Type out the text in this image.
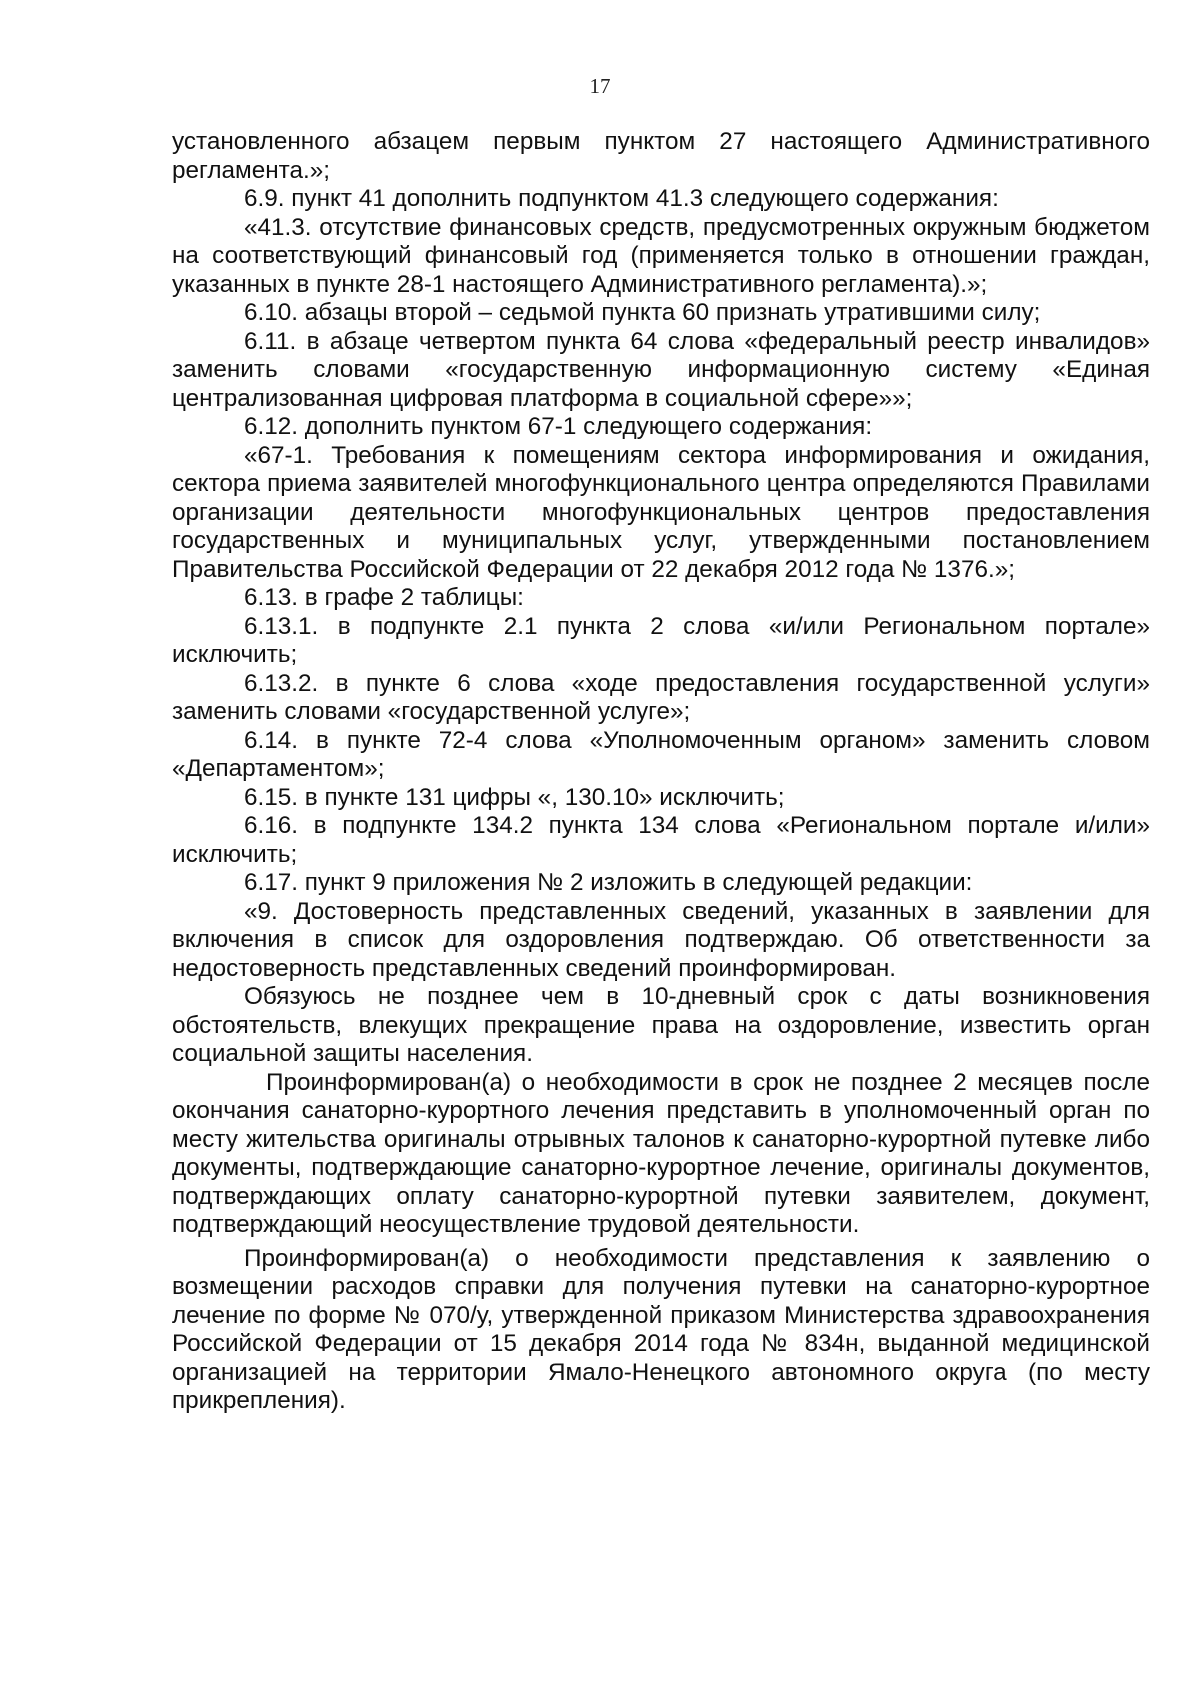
17

установленного абзацем первым пунктом 27 настоящего Административного регламента.»;

6.9. пункт 41 дополнить подпунктом 41.3 следующего содержания:

«41.3. отсутствие финансовых средств, предусмотренных окружным бюджетом на соответствующий финансовый год (применяется только в отношении граждан, указанных в пункте 28-1 настоящего Административного регламента).»;

6.10. абзацы второй – седьмой пункта 60 признать утратившими силу;

6.11. в абзаце четвертом пункта 64 слова «федеральный реестр инвалидов» заменить словами «государственную информационную систему «Единая централизованная цифровая платформа в социальной сфере»»;

6.12. дополнить пунктом 67-1 следующего содержания:

«67-1. Требования к помещениям сектора информирования и ожидания, сектора приема заявителей многофункционального центра определяются Правилами организации деятельности многофункциональных центров предоставления государственных и муниципальных услуг, утвержденными постановлением Правительства Российской Федерации от 22 декабря 2012 года № 1376.»;

6.13. в графе 2 таблицы:

6.13.1. в подпункте 2.1 пункта 2 слова «и/или Региональном портале» исключить;

6.13.2. в пункте 6 слова «ходе предоставления государственной услуги» заменить словами «государственной услуге»;

6.14. в пункте 72-4 слова «Уполномоченным органом» заменить словом «Департаментом»;

6.15. в пункте 131 цифры «, 130.10» исключить;

6.16. в подпункте 134.2 пункта 134 слова «Региональном портале и/или» исключить;

6.17. пункт 9 приложения № 2 изложить в следующей редакции:

«9. Достоверность представленных сведений, указанных в заявлении для включения в список для оздоровления подтверждаю. Об ответственности за недостоверность представленных сведений проинформирован.

Обязуюсь не позднее чем в 10-дневный срок с даты возникновения обстоятельств, влекущих прекращение права на оздоровление, известить орган социальной защиты населения.

Проинформирован(а) о необходимости в срок не позднее 2 месяцев после окончания санаторно-курортного лечения представить в уполномоченный орган по месту жительства оригиналы отрывных талонов к санаторно-курортной путевке либо документы, подтверждающие санаторно-курортное лечение, оригиналы документов, подтверждающих оплату санаторно-курортной путевки заявителем, документ, подтверждающий неосуществление трудовой деятельности.

Проинформирован(а) о необходимости представления к заявлению о возмещении расходов справки для получения путевки на санаторно-курортное лечение по форме № 070/у, утвержденной приказом Министерства здравоохранения Российской Федерации от 15 декабря 2014 года № 834н, выданной медицинской организацией на территории Ямало-Ненецкого автономного округа (по месту прикрепления).
